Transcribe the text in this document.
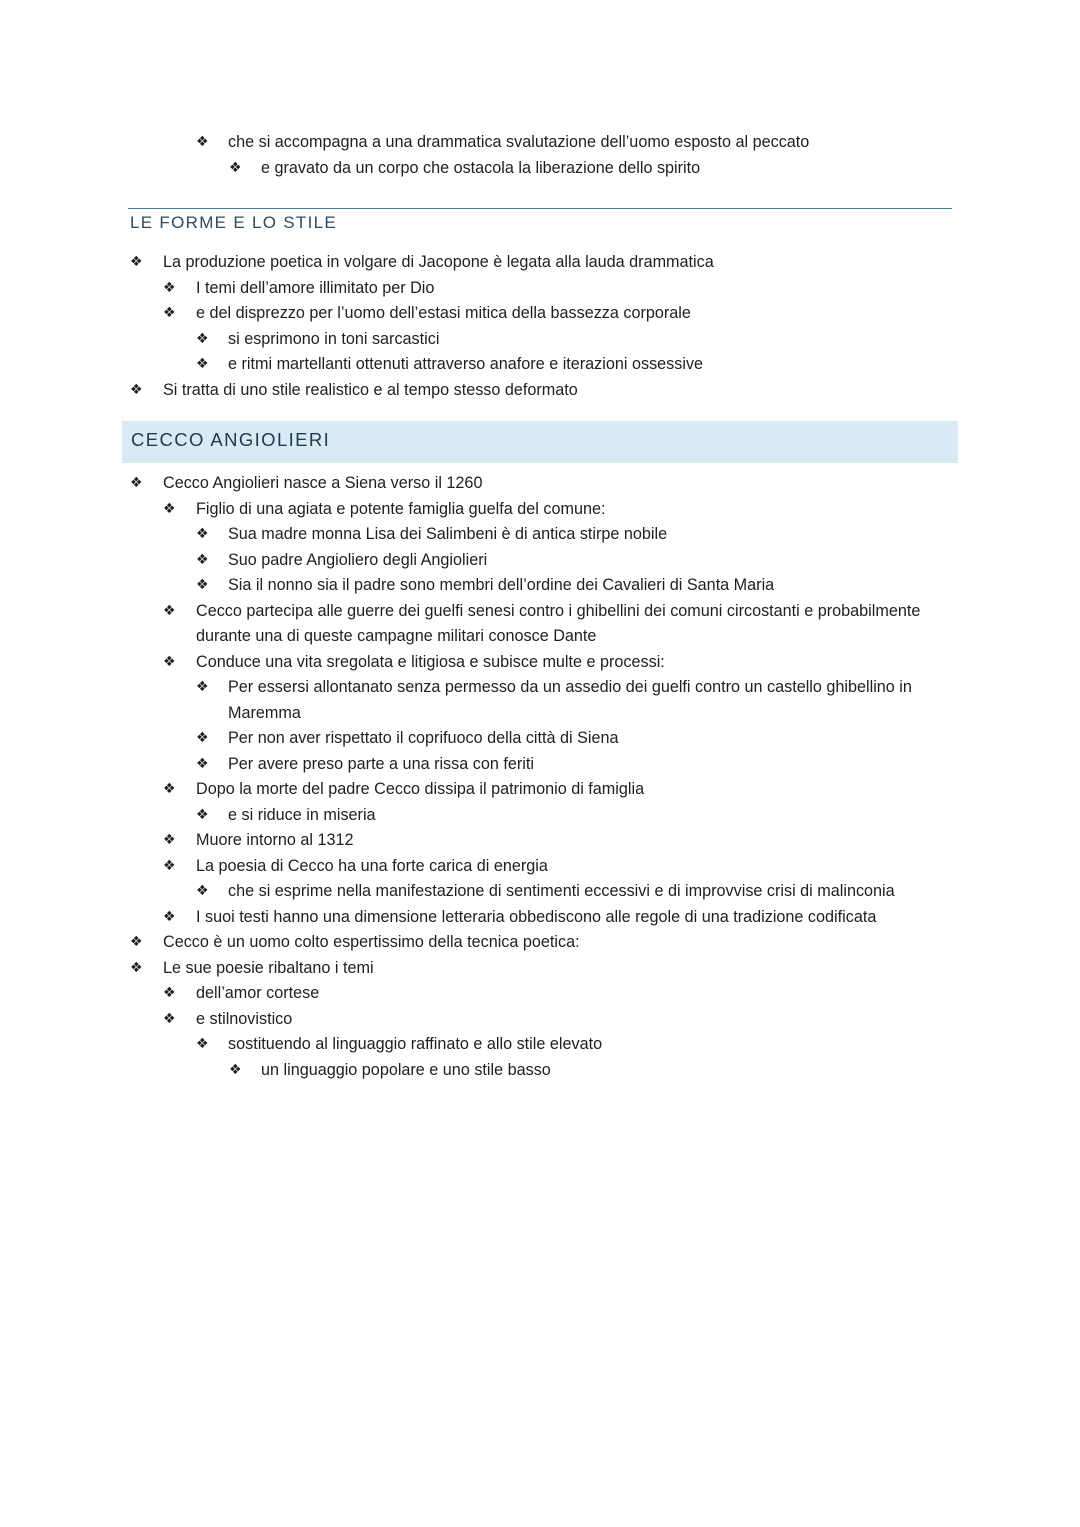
❖ che si accompagna a una drammatica svalutazione dell’uomo esposto al peccato
❖ e gravato da un corpo che ostacola la liberazione dello spirito
LE FORME E LO STILE
❖ La produzione poetica in volgare di Jacopone è legata alla lauda drammatica
❖ I temi dell’amore illimitato per Dio
❖ e del disprezzo per l’uomo dell’estasi mitica della bassezza corporale
❖ si esprimono in toni sarcastici
❖ e ritmi martellanti ottenuti attraverso anafore e iterazioni ossessive
❖ Si tratta di uno stile realistico e al tempo stesso deformato
CECCO ANGIOLIERI
❖ Cecco Angiolieri nasce a Siena verso il 1260
❖ Figlio di una agiata e potente famiglia guelfa del comune:
❖ Sua madre monna Lisa dei Salimbeni è di antica stirpe nobile
❖ Suo padre Angioliero degli Angiolieri
❖ Sia il nonno sia il padre sono membri dell’ordine dei Cavalieri di Santa Maria
❖ Cecco partecipa alle guerre dei guelfi senesi contro i ghibellini dei comuni circostanti e probabilmente durante una di queste campagne militari conosce Dante
❖ Conduce una vita sregolata e litigiosa e subisce multe e processi:
❖ Per essersi allontanato senza permesso da un assedio dei guelfi contro un castello ghibellino in Maremma
❖ Per non aver rispettato il coprifuoco della città di Siena
❖ Per avere preso parte a una rissa con feriti
❖ Dopo la morte del padre Cecco dissipa il patrimonio di famiglia
❖ e si riduce in miseria
❖ Muore intorno al 1312
❖ La poesia di Cecco ha una forte carica di energia
❖ che si esprime nella manifestazione di sentimenti eccessivi e di improvvise crisi di malinconia
❖ I suoi testi hanno una dimensione letteraria obbediscono alle regole di una tradizione codificata
❖ Cecco è un uomo colto espertissimo della tecnica poetica:
❖ Le sue poesie ribaltano i temi
❖ dell’amor cortese
❖ e stilnovistico
❖ sostituendo al linguaggio raffinato e allo stile elevato
❖ un linguaggio popolare e uno stile basso
